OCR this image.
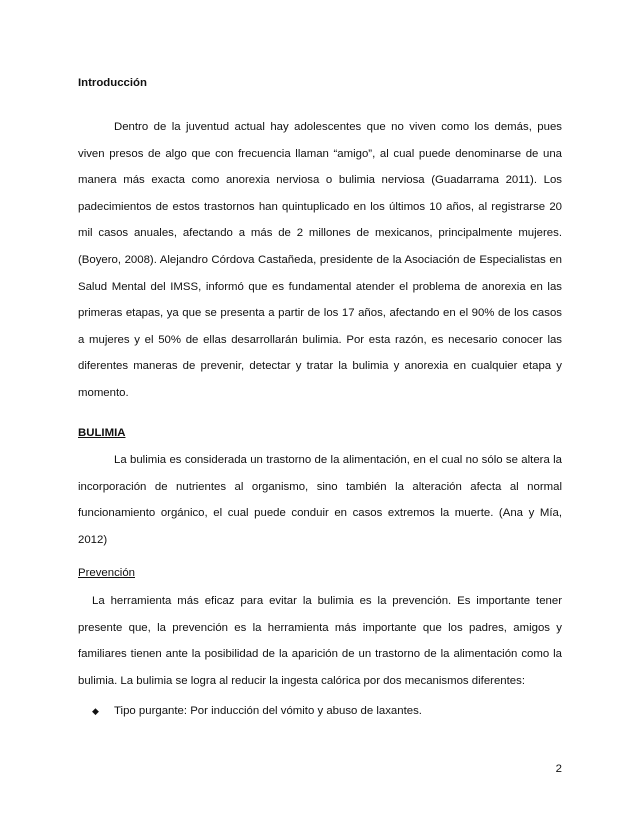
Introducción

Dentro de la juventud actual hay adolescentes que no viven como los demás, pues viven presos de algo que con frecuencia llaman “amigo”, al cual puede denominarse de una manera más exacta como anorexia nerviosa o bulimia nerviosa (Guadarrama 2011). Los padecimientos de estos trastornos han quintuplicado en los últimos 10 años, al registrarse 20 mil casos anuales, afectando a más de 2 millones de mexicanos, principalmente mujeres. (Boyero, 2008). Alejandro Córdova Castañeda, presidente de la Asociación de Especialistas en Salud Mental del IMSS, informó que es fundamental atender el problema de anorexia en las primeras etapas, ya que se presenta a partir de los 17 años, afectando en el 90% de los casos a mujeres y el 50% de ellas desarrollarán bulimia. Por esta razón, es necesario conocer las diferentes maneras de prevenir, detectar y tratar la bulimia y anorexia en cualquier etapa y momento.

BULIMIA

La bulimia es considerada un trastorno de la alimentación, en el cual no sólo se altera la incorporación de nutrientes al organismo, sino también la alteración afecta al normal funcionamiento orgánico, el cual puede conduir en casos extremos la muerte. (Ana y Mía, 2012)

Prevención

La herramienta más eficaz para evitar la bulimia es la prevención. Es importante tener presente que, la prevención es la herramienta más importante que los padres, amigos y familiares tienen ante la posibilidad de la aparición de un trastorno de la alimentación como la bulimia. La bulimia se logra al reducir la ingesta calórica por dos mecanismos diferentes:

◆ Tipo purgante: Por inducción del vómito y abuso de laxantes.
2
